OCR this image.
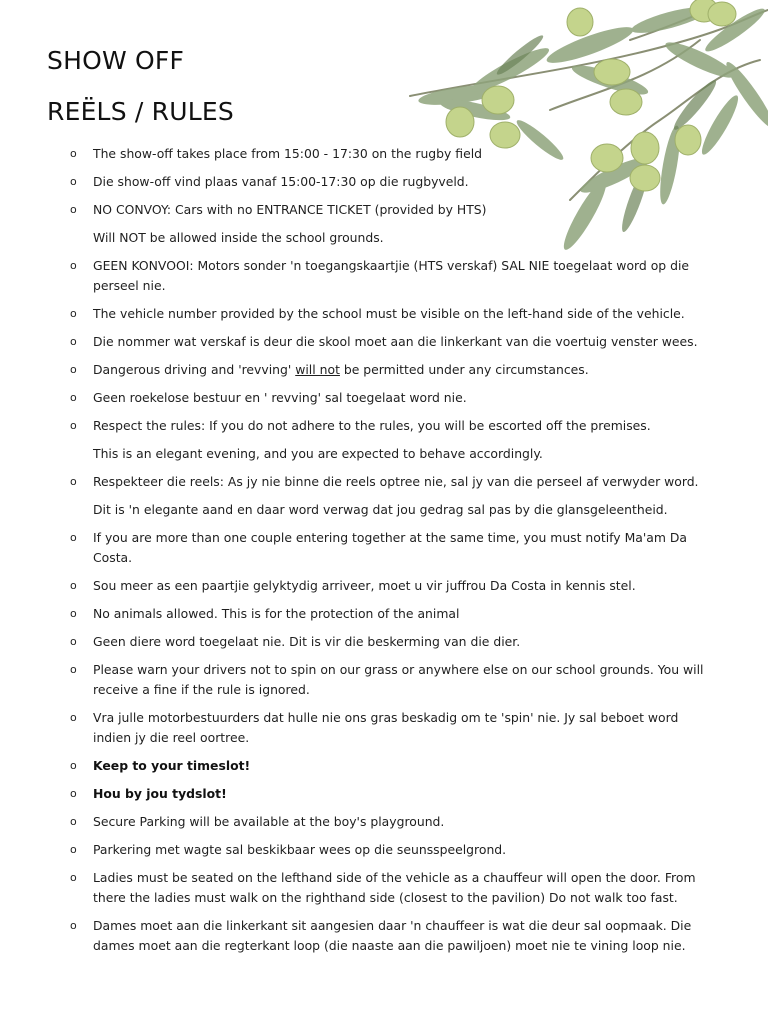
SHOW OFF
REËLS / RULES
o The show-off takes place from 15:00 - 17:30 on the rugby field
o Die show-off vind plaas vanaf 15:00-17:30 op die rugbyveld.
o NO CONVOY: Cars with no ENTRANCE TICKET (provided by HTS)
Will NOT be allowed inside the school grounds.
o GEEN KONVOOI: Motors sonder 'n toegangskaartjie (HTS verskaf) SAL NIE toegelaat word op die perseel nie.
o The vehicle number provided by the school must be visible on the left-hand side of the vehicle.
o Die nommer wat verskaf is deur die skool moet aan die linkerkant van die voertuig venster wees.
o Dangerous driving and 'revving' will not be permitted under any circumstances.
o Geen roekelose bestuur en ' revving' sal toegelaat word nie.
o Respect the rules: If you do not adhere to the rules, you will be escorted off the premises.
This is an elegant evening, and you are expected to behave accordingly.
o Respekteer die reels: As jy nie binne die reels optree nie, sal jy van die perseel af verwyder word.
Dit is 'n elegante aand en daar word verwag dat jou gedrag sal pas by die glansgeleentheid.
o If you are more than one couple entering together at the same time, you must notify Ma'am Da Costa.
o Sou meer as een paartjie gelyktydig arriveer, moet u vir juffrou Da Costa in kennis stel.
o No animals allowed. This is for the protection of the animal
o Geen diere word toegelaat nie. Dit is vir die beskerming van die dier.
o Please warn your drivers not to spin on our grass or anywhere else on our school grounds. You will receive a fine if the rule is ignored.
o Vra julle motorbestuurders dat hulle nie ons gras beskadig om te 'spin' nie. Jy sal beboet word indien jy die reel oortree.
o Keep to your timeslot!
o Hou by jou tydslot!
o Secure Parking will be available at the boy's playground.
o Parkering met wagte sal beskikbaar wees op die seunsspeelgrond.
o Ladies must be seated on the lefthand side of the vehicle as a chauffeur will open the door. From there the ladies must walk on the righthand side (closest to the pavilion) Do not walk too fast.
o Dames moet aan die linkerkant sit aangesien daar 'n chauffeer is wat die deur sal oopmaak. Die dames moet aan die regterkant loop (die naaste aan die pawiljoen) moet nie te vining loop nie.
